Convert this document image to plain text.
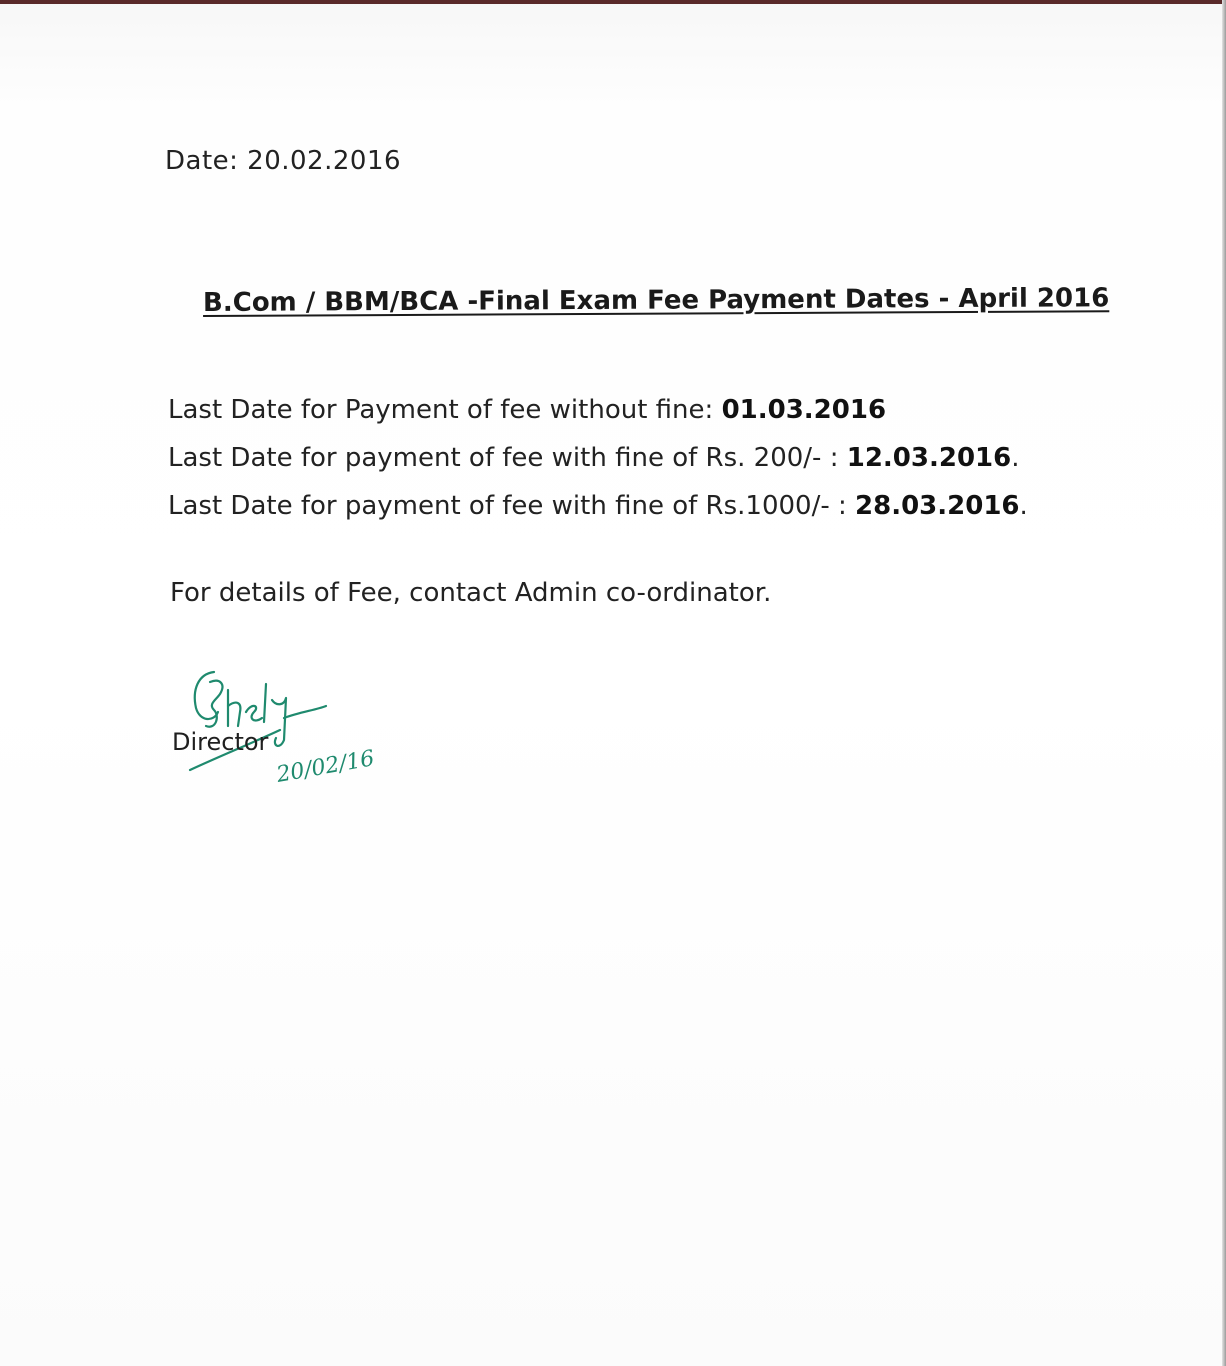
Date: 20.02.2016
B.Com / BBM/BCA -Final Exam Fee Payment Dates - April 2016
Last Date for Payment of fee without fine: 01.03.2016
Last Date for payment of fee with fine of Rs. 200/- : 12.03.2016.
Last Date for payment of fee with fine of Rs.1000/- : 28.03.2016.
For details of Fee, contact Admin co-ordinator.
20/02/16
Director
